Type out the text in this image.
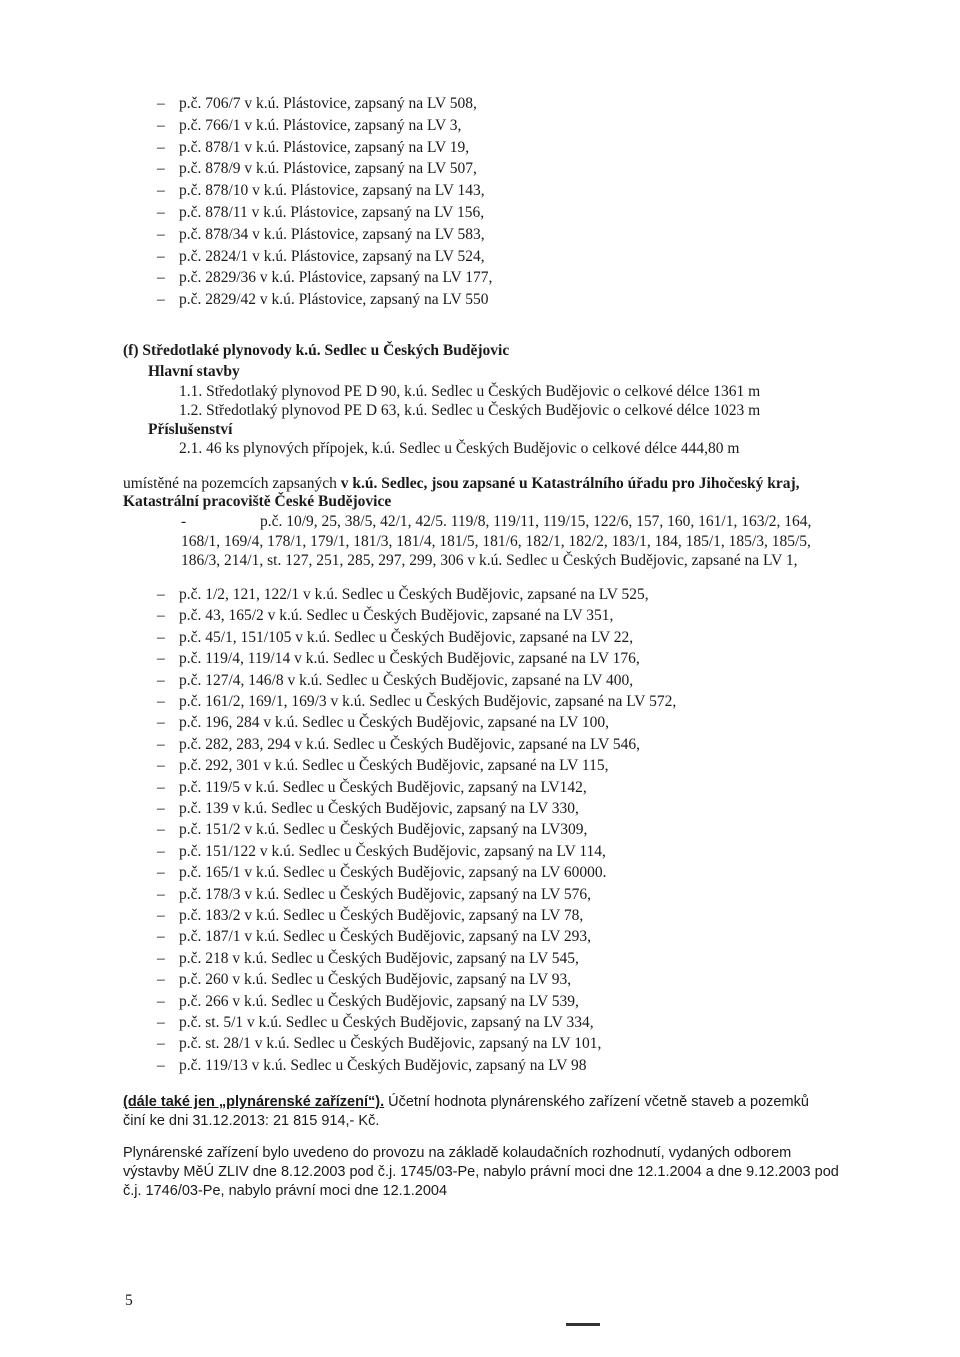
– p.č. 706/7 v k.ú. Plástovice, zapsaný na LV 508,
– p.č. 766/1 v k.ú. Plástovice, zapsaný na LV 3,
– p.č. 878/1 v k.ú. Plástovice, zapsaný na LV 19,
– p.č. 878/9 v k.ú. Plástovice, zapsaný na LV 507,
– p.č. 878/10 v k.ú. Plástovice, zapsaný na LV 143,
– p.č. 878/11 v k.ú. Plástovice, zapsaný na LV 156,
– p.č. 878/34 v k.ú. Plástovice, zapsaný na LV 583,
– p.č. 2824/1 v k.ú. Plástovice, zapsaný na LV 524,
– p.č. 2829/36 v k.ú. Plástovice, zapsaný na LV 177,
– p.č. 2829/42 v k.ú. Plástovice, zapsaný na LV 550
(f) Středotlaké plynovody k.ú. Sedlec u Českých Budějovic
Hlavní stavby
1.1. Středotlaký plynovod PE D 90, k.ú. Sedlec u Českých Budějovic o celkové délce 1361 m
1.2. Středotlaký plynovod PE D 63, k.ú. Sedlec u Českých Budějovic o celkové délce 1023 m
Příslušenství
2.1. 46 ks plynových přípojek, k.ú. Sedlec u Českých Budějovic o celkové délce 444,80 m
umístěné na pozemcích zapsaných v k.ú. Sedlec, jsou zapsané u Katastrálního úřadu pro Jihočeský kraj,
Katastrální pracoviště České Budějovice
-	p.č. 10/9, 25, 38/5, 42/1, 42/5. 119/8, 119/11, 119/15, 122/6, 157, 160, 161/1, 163/2, 164,
168/1, 169/4, 178/1, 179/1, 181/3, 181/4, 181/5, 181/6, 182/1, 182/2, 183/1, 184, 185/1, 185/3, 185/5,
186/3, 214/1, st. 127, 251, 285, 297, 299, 306 v k.ú. Sedlec u Českých Budějovic, zapsané na LV 1,
– p.č. 1/2, 121, 122/1 v k.ú. Sedlec u Českých Budějovic, zapsané na LV 525,
– p.č. 43, 165/2 v k.ú. Sedlec u Českých Budějovic, zapsané na LV 351,
– p.č. 45/1, 151/105 v k.ú. Sedlec u Českých Budějovic, zapsané na LV 22,
– p.č. 119/4, 119/14 v k.ú. Sedlec u Českých Budějovic, zapsané na LV 176,
– p.č. 127/4, 146/8 v k.ú. Sedlec u Českých Budějovic, zapsané na LV 400,
– p.č. 161/2, 169/1, 169/3 v k.ú. Sedlec u Českých Budějovic, zapsané na LV 572,
– p.č. 196, 284 v k.ú. Sedlec u Českých Budějovic, zapsané na LV 100,
– p.č. 282, 283, 294 v k.ú. Sedlec u Českých Budějovic, zapsané na LV 546,
– p.č. 292, 301 v k.ú. Sedlec u Českých Budějovic, zapsané na LV 115,
– p.č. 119/5 v k.ú. Sedlec u Českých Budějovic, zapsaný na LV142,
– p.č. 139 v k.ú. Sedlec u Českých Budějovic, zapsaný na LV 330,
– p.č. 151/2 v k.ú. Sedlec u Českých Budějovic, zapsaný na LV309,
– p.č. 151/122 v k.ú. Sedlec u Českých Budějovic, zapsaný na LV 114,
– p.č. 165/1 v k.ú. Sedlec u Českých Budějovic, zapsaný na LV 60000.
– p.č. 178/3 v k.ú. Sedlec u Českých Budějovic, zapsaný na LV 576,
– p.č. 183/2 v k.ú. Sedlec u Českých Budějovic, zapsaný na LV 78,
– p.č. 187/1 v k.ú. Sedlec u Českých Budějovic, zapsaný na LV 293,
– p.č. 218 v k.ú. Sedlec u Českých Budějovic, zapsaný na LV 545,
– p.č. 260 v k.ú. Sedlec u Českých Budějovic, zapsaný na LV 93,
– p.č. 266 v k.ú. Sedlec u Českých Budějovic, zapsaný na LV 539,
– p.č. st. 5/1 v k.ú. Sedlec u Českých Budějovic, zapsaný na LV 334,
– p.č. st. 28/1 v k.ú. Sedlec u Českých Budějovic, zapsaný na LV 101,
– p.č. 119/13 v k.ú. Sedlec u Českých Budějovic, zapsaný na LV 98
(dále také jen „plynárenské zařízení“). Účetní hodnota plynárenského zařízení včetně staveb a pozemků
činí ke dni 31.12.2013: 21 815 914,- Kč.
Plynárenské zařízení bylo uvedeno do provozu na základě kolaudačních rozhodnutí, vydaných odborem
výstavby MěÚ ZLIV dne 8.12.2003 pod č.j. 1745/03-Pe, nabylo právní moci dne 12.1.2004 a dne 9.12.2003 pod
č.j. 1746/03-Pe, nabylo právní moci dne 12.1.2004
5
